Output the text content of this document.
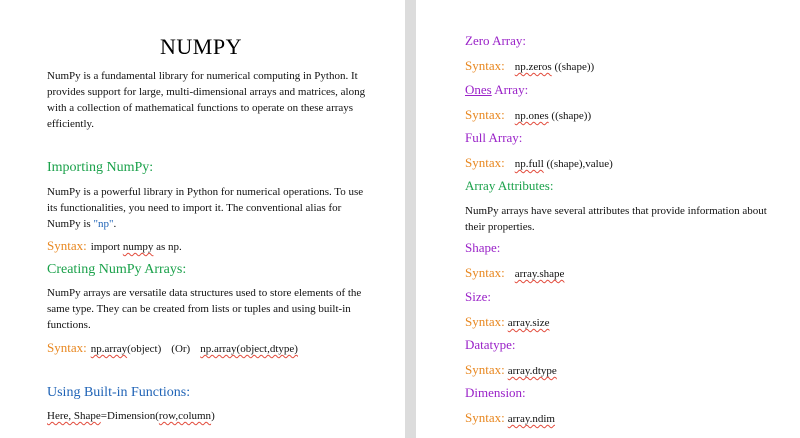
NUMPY
NumPy is a fundamental library for numerical computing in Python. It provides support for large, multi-dimensional arrays and matrices, along with a collection of mathematical functions to operate on these arrays efficiently.
Importing NumPy:
NumPy is a powerful library in Python for numerical operations. To use its functionalities, you need to import it. The conventional alias for NumPy is "np".
Syntax: import numpy as np.
Creating NumPy Arrays:
NumPy arrays are versatile data structures used to store elements of the same type. They can be created from lists or tuples and using built-in functions.
Syntax: np.array(object) (Or) np.array(object,dtype)
Using Built-in Functions:
Here, Shape=Dimension(row,column)
Zero Array:
Syntax: np.zeros ((shape))
Ones Array:
Syntax: np.ones ((shape))
Full Array:
Syntax: np.full ((shape),value)
Array Attributes:
NumPy arrays have several attributes that provide information about their properties.
Shape:
Syntax: array.shape
Size:
Syntax: array.size
Datatype:
Syntax: array.dtype
Dimension:
Syntax: array.ndim
